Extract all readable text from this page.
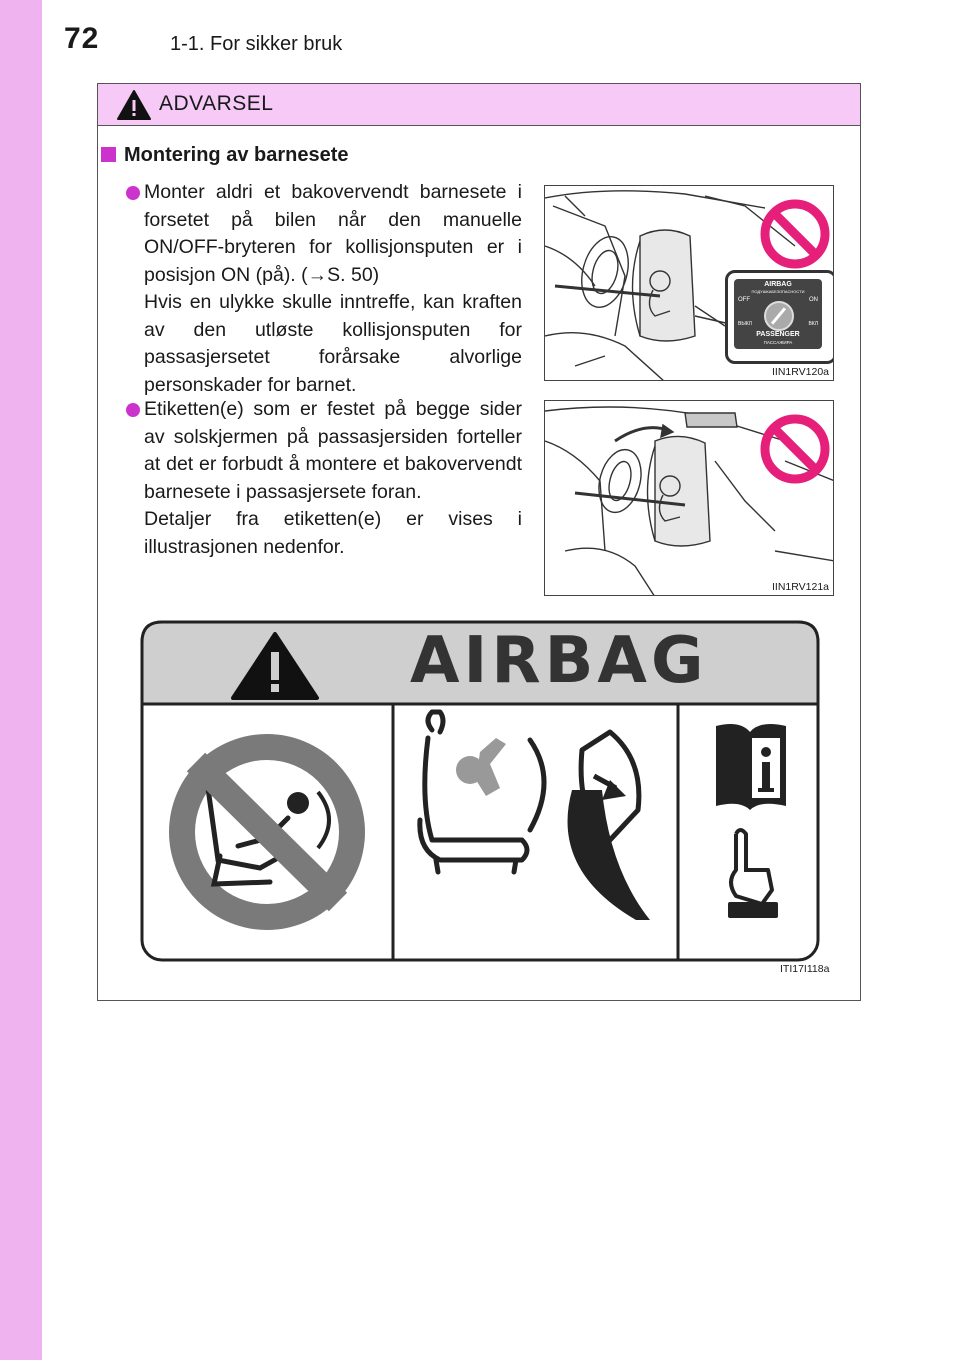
72	1-1. For sikker bruk
ADVARSEL
Montering av barnesete

Monter aldri et bakovervendt barnesete i forsetet på bilen når den manuelle ON/OFF-bryteren for kollisjonsputen er i posisjon ON (på). (→S. 50)

Hvis en ulykke skulle inntreffe, kan kraften av den utløste kollisjonsputen for passasjersetet forårsake alvorlige personskader for barnet.

AIRBAG
ПОДУШКАБЕЗОПАСНОСТИ
OFF	ON
ВЫКЛ	ВКЛ
PASSENGER
ПАССАЖИРА
IIN1RV120a

Etiketten(e) som er festet på begge sider av solskjermen på passasjersiden forteller at det er forbudt å montere et bakovervendt barnesete i passasjersete foran.

Detaljer fra etiketten(e) er vises i illustrasjonen nedenfor.

IIN1RV121a
AIRBAG
ITI17I118a
